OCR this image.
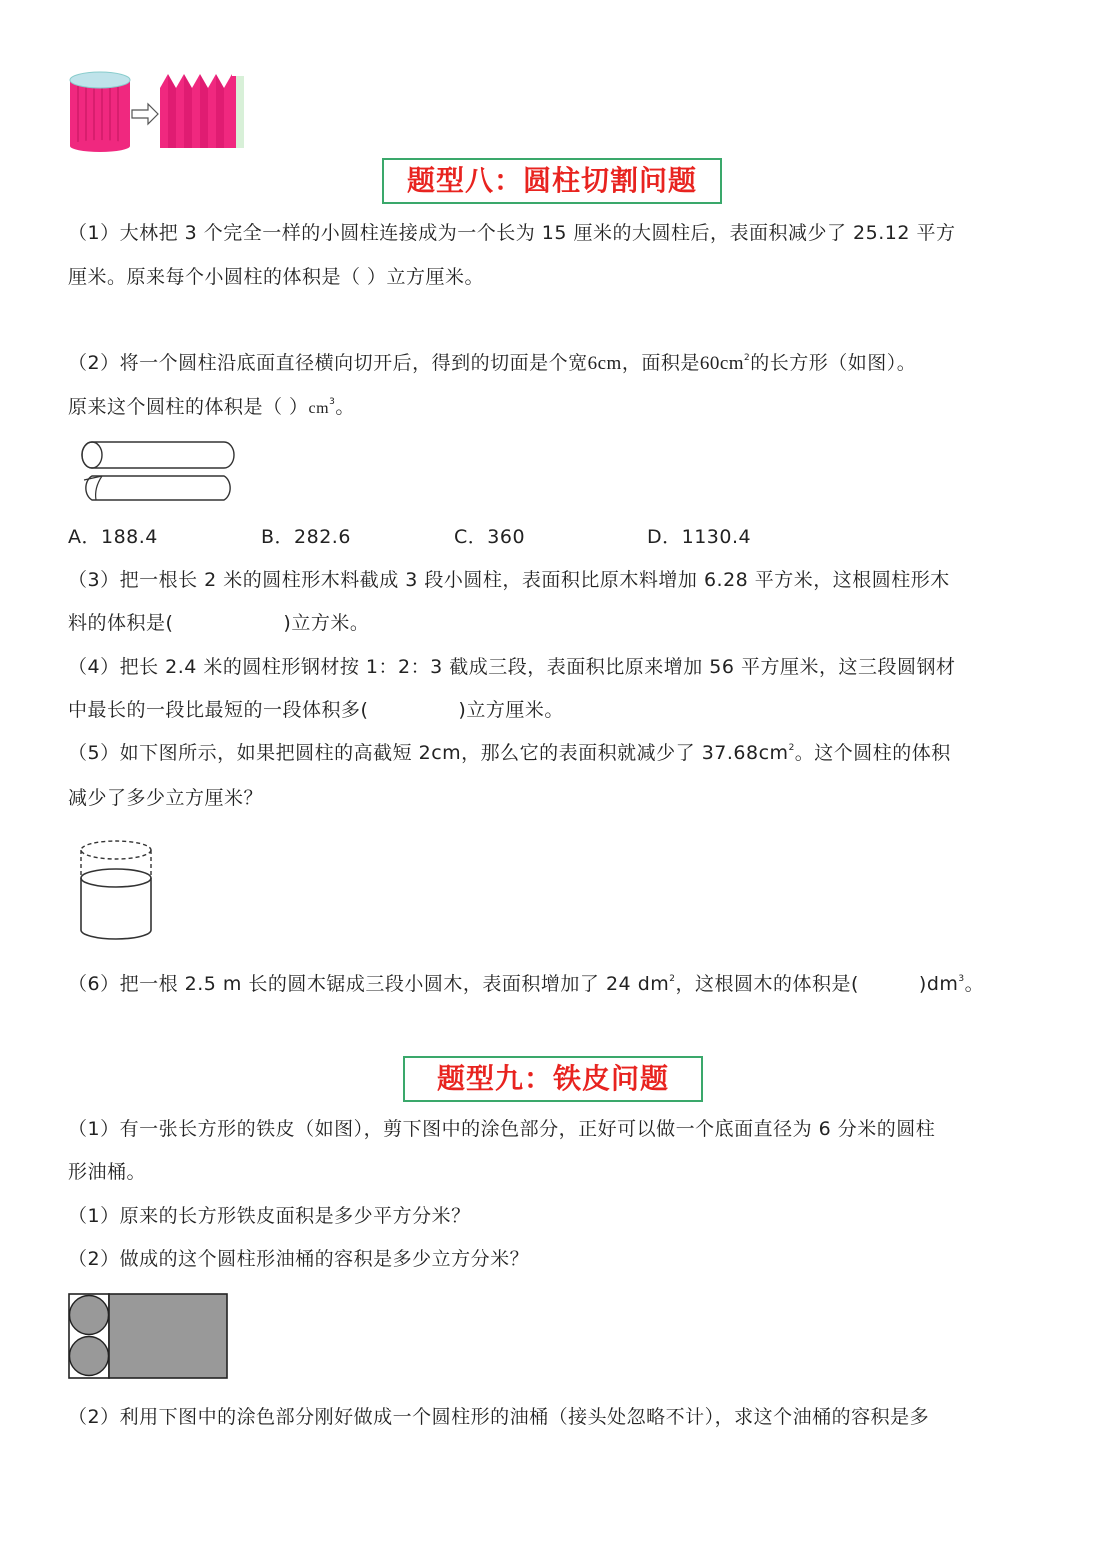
题型八：圆柱切割问题
（1）大林把 3 个完全一样的小圆柱连接成为一个长为 15 厘米的大圆柱后，表面积减少了 25.12 平方
厘米。原来每个小圆柱的体积是（ ）立方厘米。
（2）将一个圆柱沿底面直径横向切开后，得到的切面是个宽6cm，面积是$60cm^2$的长方形（如图）。
原来这个圆柱的体积是（ ）$cm^3$。
A．188.4	B．282.6	C．360	D．1130.4
（3）把一根长 2 米的圆柱形木料截成 3 段小圆柱，表面积比原木料增加 6.28 平方米，这根圆柱形木
料的体积是(	)立方米。
（4）把长 2.4 米的圆柱形钢材按 1：2：3 截成三段，表面积比原来增加 56 平方厘米，这三段圆钢材
中最长的一段比最短的一段体积多(	)立方厘米。
（5）如下图所示，如果把圆柱的高截短 2cm，那么它的表面积就减少了 $37.68cm^2$。这个圆柱的体积
减少了多少立方厘米？
（6）把一根 2.5 m 长的圆木锯成三段小圆木，表面积增加了 24 $dm^2$，这根圆木的体积是(	)$dm^3$。
题型九：铁皮问题
（1）有一张长方形的铁皮（如图），剪下图中的涂色部分，正好可以做一个底面直径为 6 分米的圆柱
形油桶。
（1）原来的长方形铁皮面积是多少平方分米？
（2）做成的这个圆柱形油桶的容积是多少立方分米？
（2）利用下图中的涂色部分刚好做成一个圆柱形的油桶（接头处忽略不计），求这个油桶的容积是多
